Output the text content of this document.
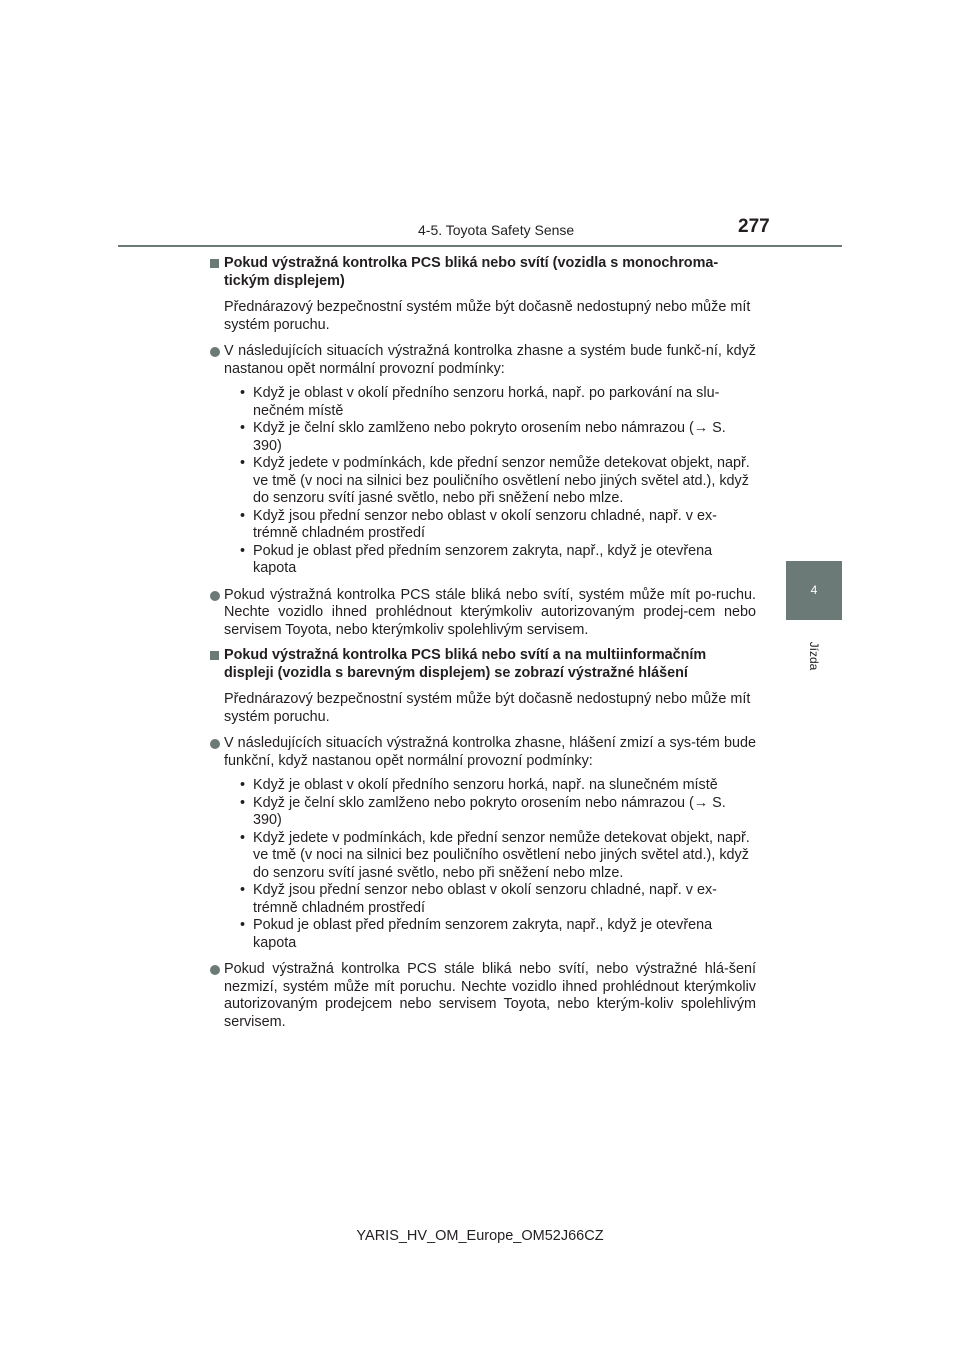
4-5. Toyota Safety Sense	277
4
Jízda
Pokud výstražná kontrolka PCS bliká nebo svítí (vozidla s monochroma-tickým displejem)
Přednárazový bezpečnostní systém může být dočasně nedostupný nebo může mít systém poruchu.
V následujících situacích výstražná kontrolka zhasne a systém bude funkč-ní, když nastanou opět normální provozní podmínky:
• Když je oblast v okolí předního senzoru horká, např. po parkování na slu-nečném místě
• Když je čelní sklo zamlženo nebo pokryto orosením nebo námrazou (→ S. 390)
• Když jedete v podmínkách, kde přední senzor nemůže detekovat objekt, např. ve tmě (v noci na silnici bez pouličního osvětlení nebo jiných světel atd.), když do senzoru svítí jasné světlo, nebo při sněžení nebo mlze.
• Když jsou přední senzor nebo oblast v okolí senzoru chladné, např. v ex-trémně chladném prostředí
• Pokud je oblast před předním senzorem zakryta, např., když je otevřena kapota
Pokud výstražná kontrolka PCS stále bliká nebo svítí, systém může mít po-ruchu. Nechte vozidlo ihned prohlédnout kterýmkoliv autorizovaným prodej-cem nebo servisem Toyota, nebo kterýmkoliv spolehlivým servisem.
Pokud výstražná kontrolka PCS bliká nebo svítí a na multiinformačním displeji (vozidla s barevným displejem) se zobrazí výstražné hlášení
Přednárazový bezpečnostní systém může být dočasně nedostupný nebo může mít systém poruchu.
V následujících situacích výstražná kontrolka zhasne, hlášení zmizí a sys-tém bude funkční, když nastanou opět normální provozní podmínky:
• Když je oblast v okolí předního senzoru horká, např. na slunečném místě
• Když je čelní sklo zamlženo nebo pokryto orosením nebo námrazou (→ S. 390)
• Když jedete v podmínkách, kde přední senzor nemůže detekovat objekt, např. ve tmě (v noci na silnici bez pouličního osvětlení nebo jiných světel atd.), když do senzoru svítí jasné světlo, nebo při sněžení nebo mlze.
• Když jsou přední senzor nebo oblast v okolí senzoru chladné, např. v ex-trémně chladném prostředí
• Pokud je oblast před předním senzorem zakryta, např., když je otevřena kapota
Pokud výstražná kontrolka PCS stále bliká nebo svítí, nebo výstražné hlá-šení nezmizí, systém může mít poruchu. Nechte vozidlo ihned prohlédnout kterýmkoliv autorizovaným prodejcem nebo servisem Toyota, nebo kterým-koliv spolehlivým servisem.
YARIS_HV_OM_Europe_OM52J66CZ
